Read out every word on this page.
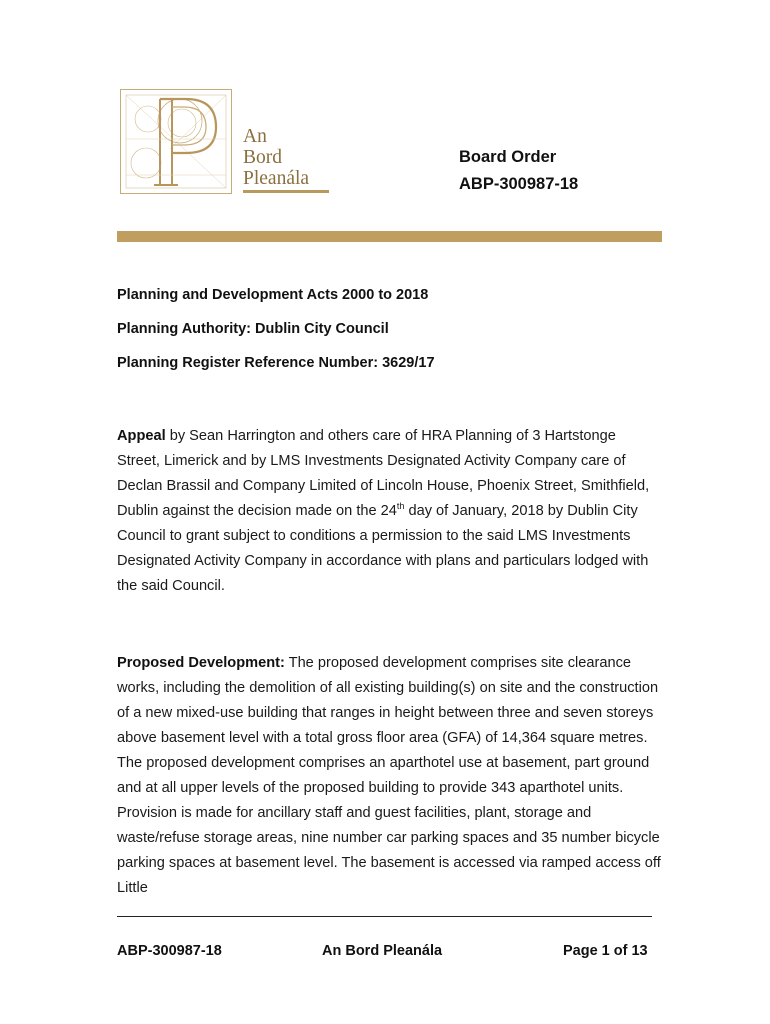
An
Bord
Pleanála
Board Order
ABP-300987-18
Planning and Development Acts 2000 to 2018
Planning Authority: Dublin City Council
Planning Register Reference Number: 3629/17
Appeal by Sean Harrington and others care of HRA Planning of 3 Hartstonge Street, Limerick and by LMS Investments Designated Activity Company care of Declan Brassil and Company Limited of Lincoln House, Phoenix Street, Smithfield, Dublin against the decision made on the 24th day of January, 2018 by Dublin City Council to grant subject to conditions a permission to the said LMS Investments Designated Activity Company in accordance with plans and particulars lodged with the said Council.
Proposed Development: The proposed development comprises site clearance works, including the demolition of all existing building(s) on site and the construction of a new mixed-use building that ranges in height between three and seven storeys above basement level with a total gross floor area (GFA) of 14,364 square metres. The proposed development comprises an aparthotel use at basement, part ground and at all upper levels of the proposed building to provide 343 aparthotel units. Provision is made for ancillary staff and guest facilities, plant, storage and waste/refuse storage areas, nine number car parking spaces and 35 number bicycle parking spaces at basement level. The basement is accessed via ramped access off Little
ABP-300987-18	An Bord Pleanála	Page 1 of 13
